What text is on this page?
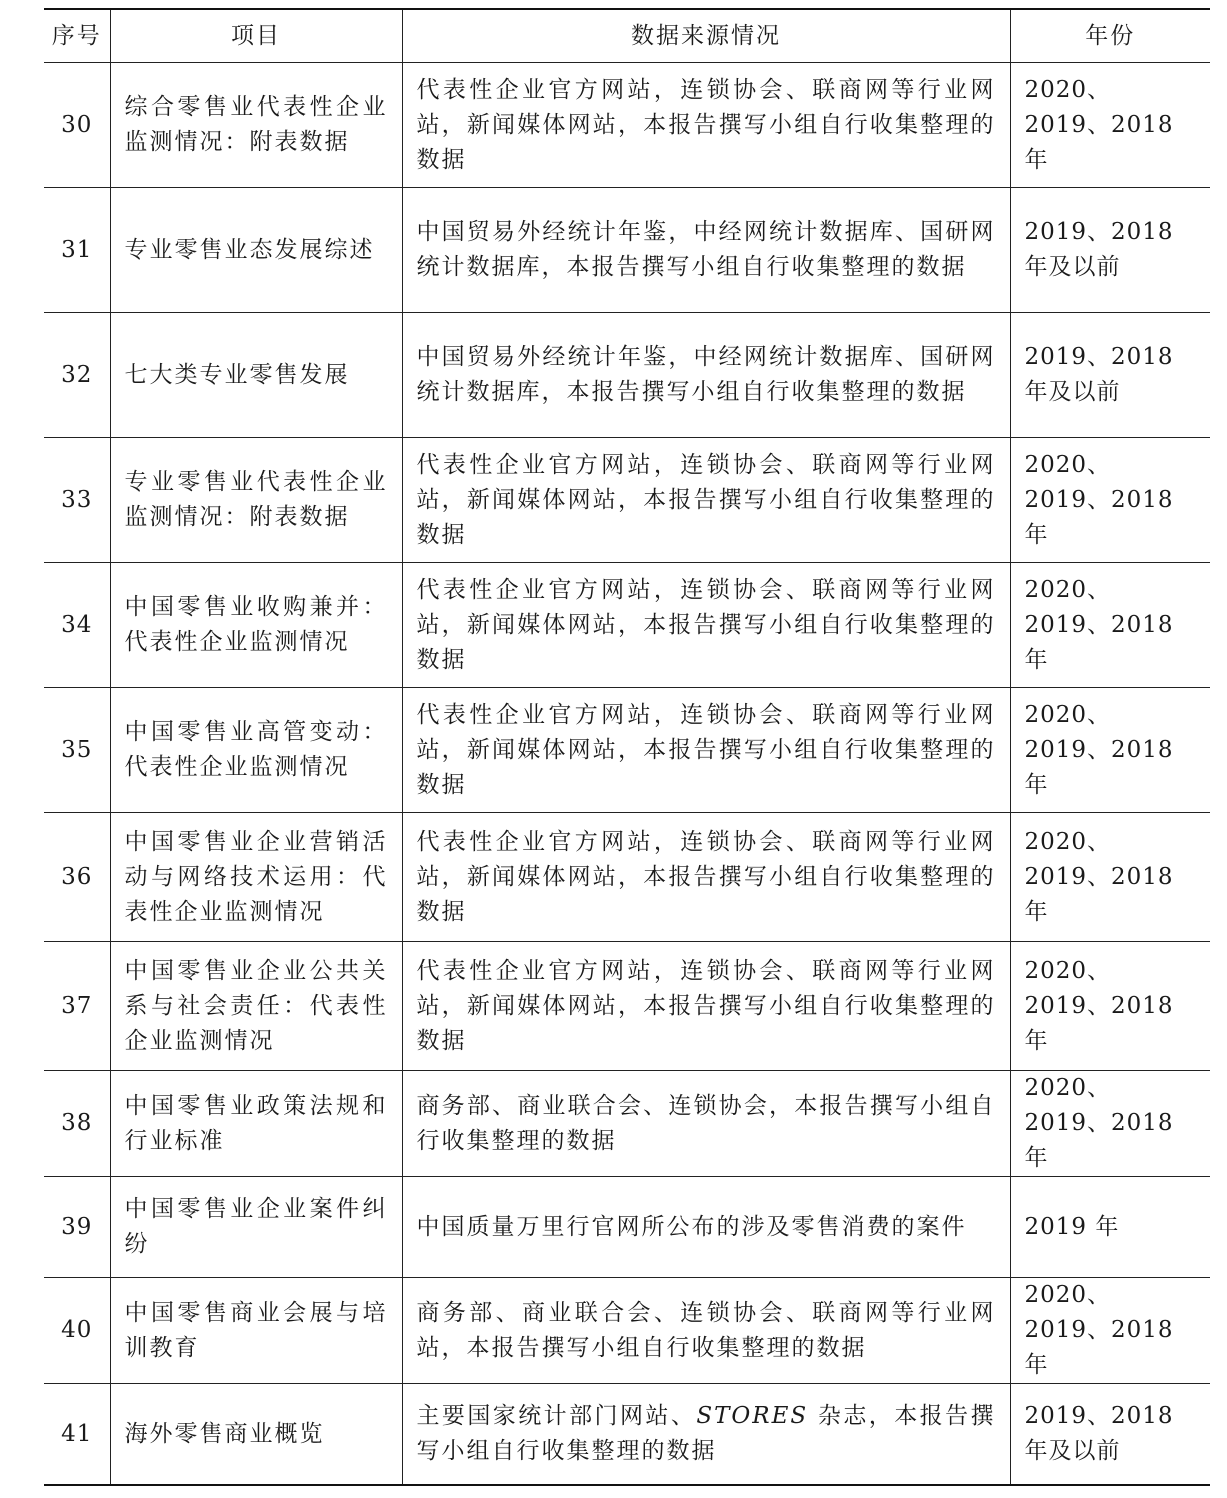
序号	项目	数据来源情况	年份
30	综合零售业代表性企业监测情况：附表数据	代表性企业官方网站，连锁协会、联商网等行业网站，新闻媒体网站，本报告撰写小组自行收集整理的数据	2020、2019、2018 年
31	专业零售业态发展综述	中国贸易外经统计年鉴，中经网统计数据库、国研网统计数据库，本报告撰写小组自行收集整理的数据	2019、2018 年及以前
32	七大类专业零售发展	中国贸易外经统计年鉴，中经网统计数据库、国研网统计数据库，本报告撰写小组自行收集整理的数据	2019、2018 年及以前
33	专业零售业代表性企业监测情况：附表数据	代表性企业官方网站，连锁协会、联商网等行业网站，新闻媒体网站，本报告撰写小组自行收集整理的数据	2020、2019、2018 年
34	中国零售业收购兼并：代表性企业监测情况	代表性企业官方网站，连锁协会、联商网等行业网站，新闻媒体网站，本报告撰写小组自行收集整理的数据	2020、2019、2018 年
35	中国零售业高管变动：代表性企业监测情况	代表性企业官方网站，连锁协会、联商网等行业网站，新闻媒体网站，本报告撰写小组自行收集整理的数据	2020、2019、2018 年
36	中国零售业企业营销活动与网络技术运用：代表性企业监测情况	代表性企业官方网站，连锁协会、联商网等行业网站，新闻媒体网站，本报告撰写小组自行收集整理的数据	2020、2019、2018 年
37	中国零售业企业公共关系与社会责任：代表性企业监测情况	代表性企业官方网站，连锁协会、联商网等行业网站，新闻媒体网站，本报告撰写小组自行收集整理的数据	2020、2019、2018 年
38	中国零售业政策法规和行业标准	商务部、商业联合会、连锁协会，本报告撰写小组自行收集整理的数据	2020、2019、2018 年
39	中国零售业企业案件纠纷	中国质量万里行官网所公布的涉及零售消费的案件	2019 年
40	中国零售商业会展与培训教育	商务部、商业联合会、连锁协会、联商网等行业网站，本报告撰写小组自行收集整理的数据	2020、2019、2018 年
41	海外零售商业概览	主要国家统计部门网站、STORES 杂志，本报告撰写小组自行收集整理的数据	2019、2018 年及以前
